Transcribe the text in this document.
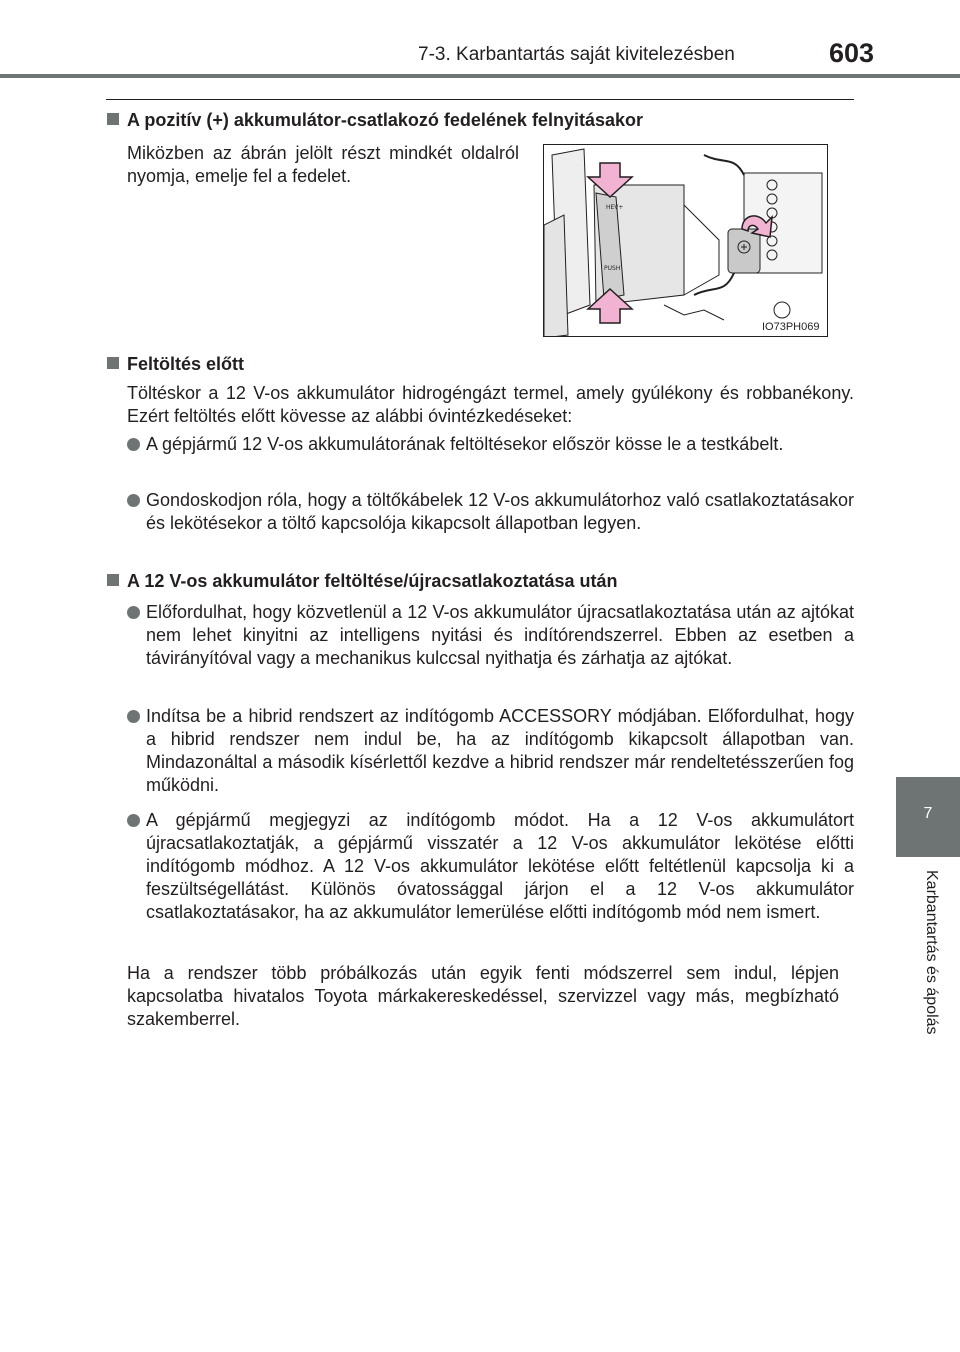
7-3. Karbantartás saját kivitelezésben	603
7
Karbantartás és ápolás
A pozitív (+) akkumulátor-csatlakozó fedelének felnyitásakor
Miközben az ábrán jelölt részt mindkét oldalról nyomja, emelje fel a fedelet.
HEV+
PUSH
IO73PH069
Feltöltés előtt
Töltéskor a 12 V-os akkumulátor hidrogéngázt termel, amely gyúlékony és robbanékony. Ezért feltöltés előtt kövesse az alábbi óvintézkedéseket:
A gépjármű 12 V-os akkumulátorának feltöltésekor először kösse le a testkábelt.
Gondoskodjon róla, hogy a töltőkábelek 12 V-os akkumulátorhoz való csatlakoztatásakor és lekötésekor a töltő kapcsolója kikapcsolt állapotban legyen.
A 12 V-os akkumulátor feltöltése/újracsatlakoztatása után
Előfordulhat, hogy közvetlenül a 12 V-os akkumulátor újracsatlakoztatása után az ajtókat nem lehet kinyitni az intelligens nyitási és indítórendszerrel. Ebben az esetben a távirányítóval vagy a mechanikus kulccsal nyithatja és zárhatja az ajtókat.
Indítsa be a hibrid rendszert az indítógomb ACCESSORY módjában. Előfordulhat, hogy a hibrid rendszer nem indul be, ha az indítógomb kikapcsolt állapotban van. Mindazonáltal a második kísérlettől kezdve a hibrid rendszer már rendeltetésszerűen fog működni.
A gépjármű megjegyzi az indítógomb módot. Ha a 12 V-os akkumulátort újracsatlakoztatják, a gépjármű visszatér a 12 V-os akkumulátor lekötése előtti indítógomb módhoz. A 12 V-os akkumulátor lekötése előtt feltétlenül kapcsolja ki a feszültségellátást. Különös óvatossággal járjon el a 12 V-os akkumulátor csatlakoztatásakor, ha az akkumulátor lemerülése előtti indítógomb mód nem ismert.
Ha a rendszer több próbálkozás után egyik fenti módszerrel sem indul, lépjen kapcsolatba hivatalos Toyota márkakereskedéssel, szervizzel vagy más, megbízható szakemberrel.
